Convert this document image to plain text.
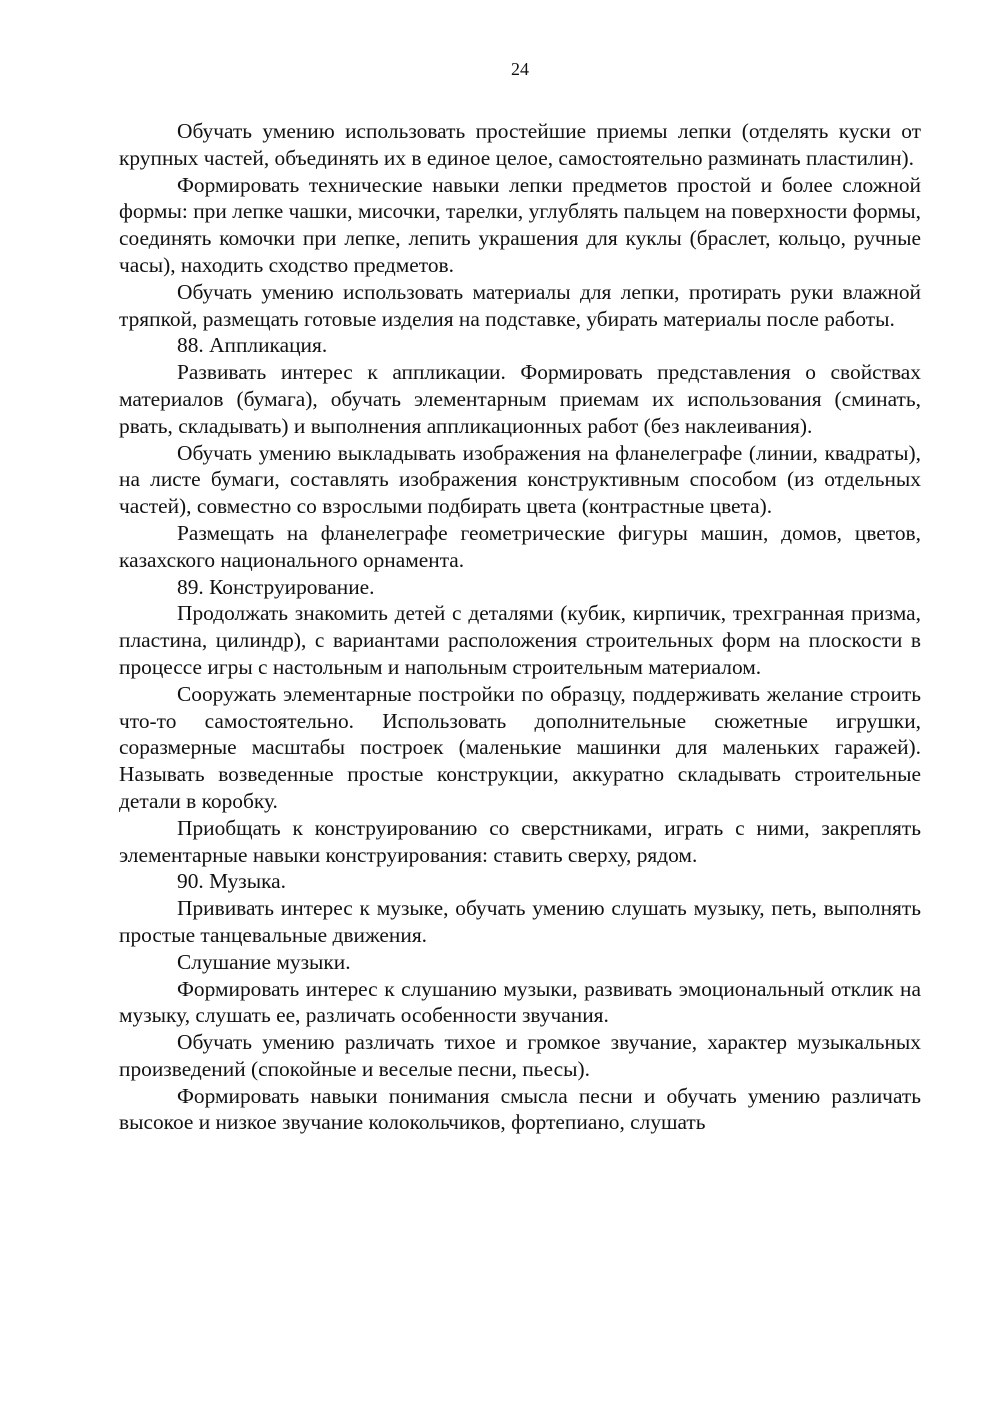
24

Обучать умению использовать простейшие приемы лепки (отделять куски от крупных частей, объединять их в единое целое, самостоятельно разминать пластилин).

Формировать технические навыки лепки предметов простой и более сложной формы: при лепке чашки, мисочки, тарелки, углублять пальцем на поверхности формы, соединять комочки при лепке, лепить украшения для куклы (браслет, кольцо, ручные часы), находить сходство предметов.

Обучать умению использовать материалы для лепки, протирать руки влажной тряпкой, размещать готовые изделия на подставке, убирать материалы после работы.

88. Аппликация.

Развивать интерес к аппликации. Формировать представления о свойствах материалов (бумага), обучать элементарным приемам их использования (сминать, рвать, складывать) и выполнения аппликационных работ (без наклеивания).

Обучать умению выкладывать изображения на фланелеграфе (линии, квадраты), на листе бумаги, составлять изображения конструктивным способом (из отдельных частей), совместно со взрослыми подбирать цвета (контрастные цвета).

Размещать на фланелеграфе геометрические фигуры машин, домов, цветов, казахского национального орнамента.

89. Конструирование.

Продолжать знакомить детей с деталями (кубик, кирпичик, трехгранная призма, пластина, цилиндр), с вариантами расположения строительных форм на плоскости в процессе игры с настольным и напольным строительным материалом.

Сооружать элементарные постройки по образцу, поддерживать желание строить что-то самостоятельно. Использовать дополнительные сюжетные игрушки, соразмерные масштабы построек (маленькие машинки для маленьких гаражей). Называть возведенные простые конструкции, аккуратно складывать строительные детали в коробку.

Приобщать к конструированию со сверстниками, играть с ними, закреплять элементарные навыки конструирования: ставить сверху, рядом.

90. Музыка.

Прививать интерес к музыке, обучать умению слушать музыку, петь, выполнять простые танцевальные движения.

Слушание музыки.

Формировать интерес к слушанию музыки, развивать эмоциональный отклик на музыку, слушать ее, различать особенности звучания.

Обучать умению различать тихое и громкое звучание, характер музыкальных произведений (спокойные и веселые песни, пьесы).

Формировать навыки понимания смысла песни и обучать умению различать высокое и низкое звучание колокольчиков, фортепиано, слушать
